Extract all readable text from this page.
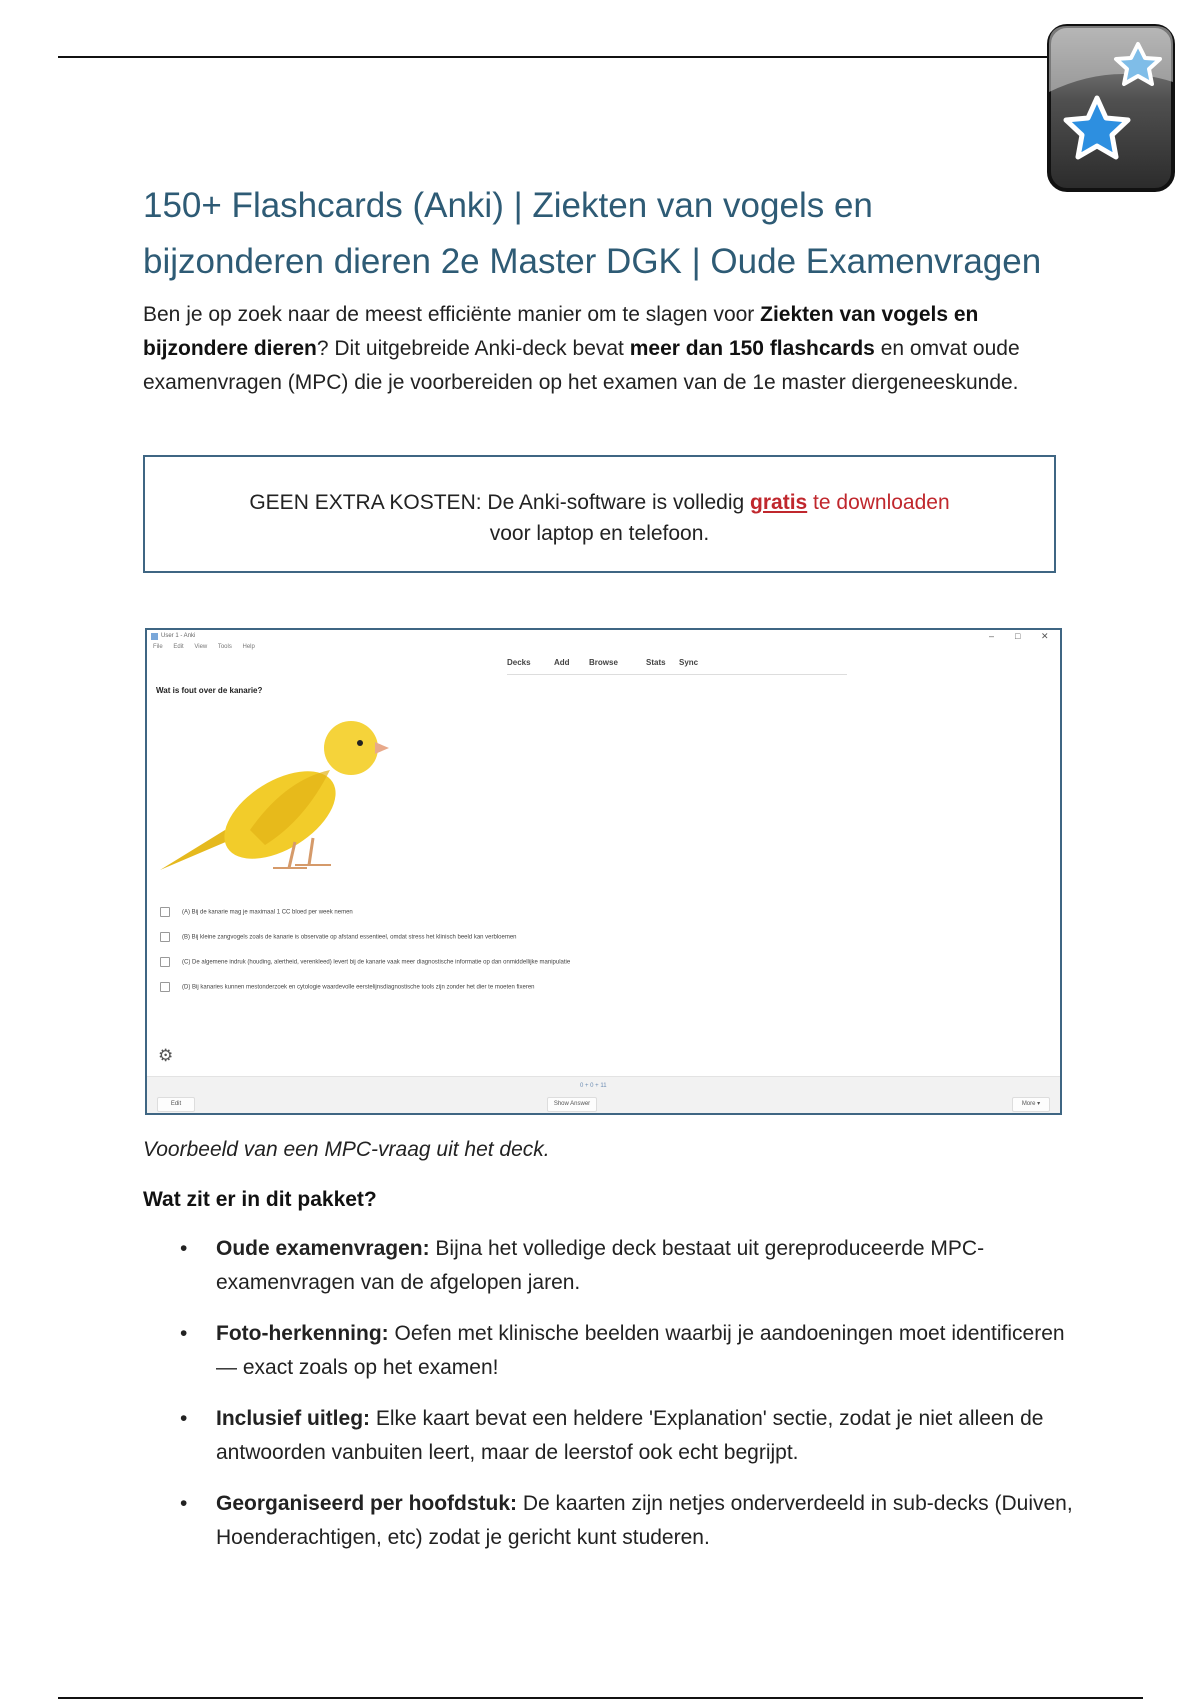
150+ Flashcards (Anki) | Ziekten van vogels en bijzonderen dieren 2e Master DGK | Oude Examenvragen

Ben je op zoek naar de meest efficiënte manier om te slagen voor Ziekten van vogels en bijzondere dieren? Dit uitgebreide Anki-deck bevat meer dan 150 flashcards en omvat oude examenvragen (MPC) die je voorbereiden op het examen van de 1e master diergeneeskunde.

GEEN EXTRA KOSTEN: De Anki-software is volledig gratis te downloaden
voor laptop en telefoon.
User 1 - Anki	– □ ✕
File Edit View Tools Help
Decks	Add Browse	Stats Sync
Wat is fout over de kanarie?
(A) Bij de kanarie mag je maximaal 1 CC bloed per week nemen
(B) Bij kleine zangvogels zoals de kanarie is observatie op afstand essentieel, omdat stress het klinisch beeld kan verbloemen
(C) De algemene indruk (houding, alertheid, verenkleed) levert bij de kanarie vaak meer diagnostische informatie op dan onmiddellijke manipulatie
(D) Bij kanaries kunnen mestonderzoek en cytologie waardevolle eerstelijnsdiagnostische tools zijn zonder het dier te moeten fixeren
⚙
0 + 0 + 11
Edit	Show Answer	More ▾

Voorbeeld van een MPC-vraag uit het deck.

Wat zit er in dit pakket?

• Oude examenvragen: Bijna het volledige deck bestaat uit gereproduceerde MPC-examenvragen van de afgelopen jaren.
• Foto-herkenning: Oefen met klinische beelden waarbij je aandoeningen moet identificeren — exact zoals op het examen!
• Inclusief uitleg: Elke kaart bevat een heldere 'Explanation' sectie, zodat je niet alleen de antwoorden vanbuiten leert, maar de leerstof ook echt begrijpt.
• Georganiseerd per hoofdstuk: De kaarten zijn netjes onderverdeeld in sub-decks (Duiven, Hoenderachtigen, etc) zodat je gericht kunt studeren.
